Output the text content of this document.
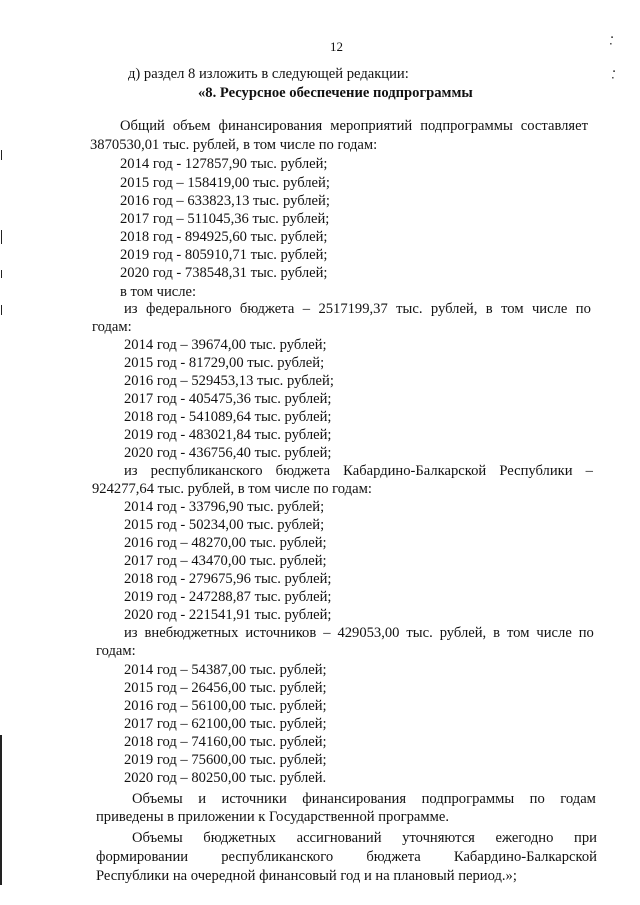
·̣
·̣
12
д) раздел 8 изложить в следующей редакции:
«8. Ресурсное обеспечение подпрограммы
Общий объем финансирования мероприятий подпрограммы составляет
3870530,01 тыс. рублей, в том числе по годам:
2014 год - 127857,90 тыс. рублей;
2015 год – 158419,00 тыс. рублей;
2016 год – 633823,13 тыс. рублей;
2017 год – 511045,36 тыс. рублей;
2018 год - 894925,60 тыс. рублей;
2019 год - 805910,71 тыс. рублей;
2020 год - 738548,31 тыс. рублей;
в том числе:
из федерального бюджета – 2517199,37 тыс. рублей, в том числе по
годам:
2014 год – 39674,00 тыс. рублей;
2015 год - 81729,00 тыс. рублей;
2016 год – 529453,13 тыс. рублей;
2017 год - 405475,36 тыс. рублей;
2018 год - 541089,64 тыс. рублей;
2019 год - 483021,84 тыс. рублей;
2020 год - 436756,40 тыс. рублей;
из республиканского бюджета Кабардино-Балкарской Республики –
924277,64 тыс. рублей, в том числе по годам:
2014 год - 33796,90 тыс. рублей;
2015 год - 50234,00 тыс. рублей;
2016 год – 48270,00 тыс. рублей;
2017 год – 43470,00 тыс. рублей;
2018 год - 279675,96 тыс. рублей;
2019 год - 247288,87 тыс. рублей;
2020 год - 221541,91 тыс. рублей;
из внебюджетных источников – 429053,00 тыс. рублей, в том числе по
годам:
2014 год – 54387,00 тыс. рублей;
2015 год – 26456,00 тыс. рублей;
2016 год – 56100,00 тыс. рублей;
2017 год – 62100,00 тыс. рублей;
2018 год – 74160,00 тыс. рублей;
2019 год – 75600,00 тыс. рублей;
2020 год – 80250,00 тыс. рублей.
Объемы и источники финансирования подпрограммы по годам
приведены в приложении к Государственной программе.
Объемы бюджетных ассигнований уточняются ежегодно при
формировании республиканского бюджета Кабардино-Балкарской
Республики на очередной финансовый год и на плановый период.»;
